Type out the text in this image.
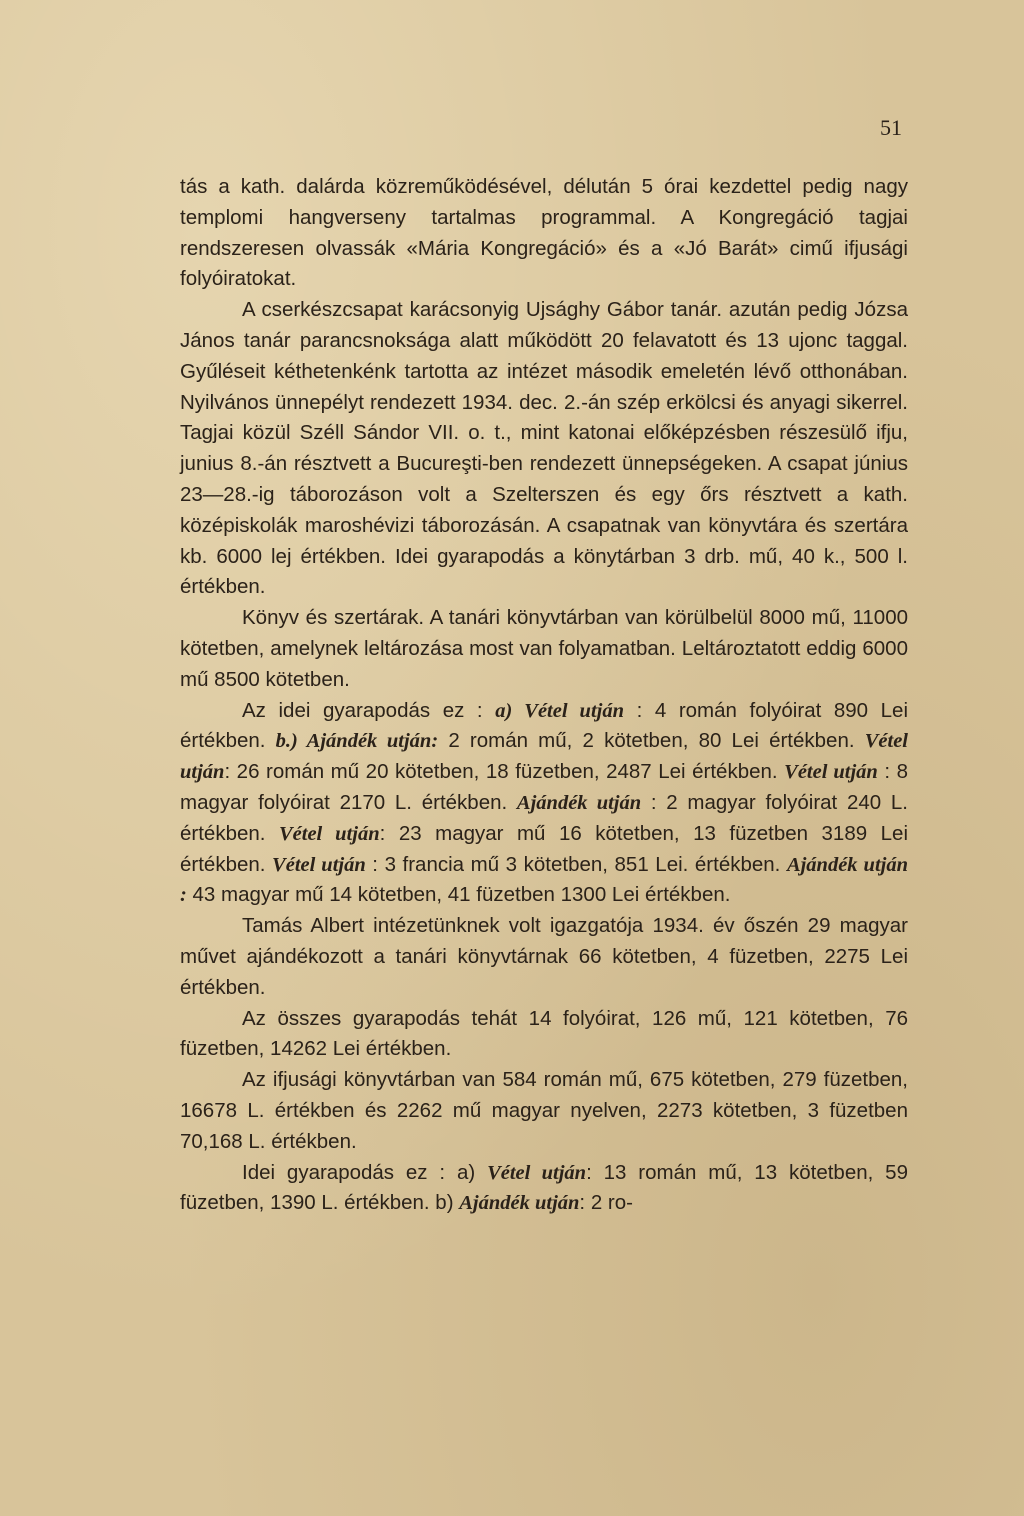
51

tás a kath. dalárda közreműködésével, délután 5 órai kezdettel pedig nagy templomi hangverseny tartalmas programmal. A Kongregáció tagjai rendszeresen olvassák «Mária Kongregáció» és a «Jó Barát» cimű ifjusági folyóiratokat.

A cserkészcsapat karácsonyig Ujsághy Gábor tanár. azután pedig Józsa János tanár parancsnoksága alatt működött 20 felavatott és 13 ujonc taggal. Gyűléseit kéthetenkénk tartotta az intézet második emeletén lévő otthonában. Nyilvános ünnepélyt rendezett 1934. dec. 2.-án szép erkölcsi és anyagi sikerrel. Tagjai közül Széll Sándor VII. o. t., mint katonai előképzésben részesülő ifju, junius 8.-án résztvett a Bucureşti-ben rendezett ünnepségeken. A csapat június 23—28.-ig táborozáson volt a Szelterszen és egy őrs résztvett a kath. középiskolák maroshévizi táborozásán. A csapatnak van könyvtára és szertára kb. 6000 lej értékben. Idei gyarapodás a könytárban 3 drb. mű, 40 k., 500 l. értékben.

Könyv és szertárak. A tanári könyvtárban van körülbelül 8000 mű, 11000 kötetben, amelynek leltározása most van folyamatban. Leltároztatott eddig 6000 mű 8500 kötetben.

Az idei gyarapodás ez : a) Vétel utján : 4 román folyóirat 890 Lei értékben. b.) Ajándék utján: 2 román mű, 2 kötetben, 80 Lei értékben. Vétel utján: 26 román mű 20 kötetben, 18 füzetben, 2487 Lei értékben. Vétel utján : 8 magyar folyóirat 2170 L. értékben. Ajándék utján : 2 magyar folyóirat 240 L. értékben. Vétel utján: 23 magyar mű 16 kötetben, 13 füzetben 3189 Lei értékben. Vétel utján : 3 francia mű 3 kötetben, 851 Lei. értékben. Ajándék utján : 43 magyar mű 14 kötetben, 41 füzetben 1300 Lei értékben.

Tamás Albert intézetünknek volt igazgatója 1934. év őszén 29 magyar művet ajándékozott a tanári könyvtárnak 66 kötetben, 4 füzetben, 2275 Lei értékben.

Az összes gyarapodás tehát 14 folyóirat, 126 mű, 121 kötetben, 76 füzetben, 14262 Lei értékben.

Az ifjusági könyvtárban van 584 román mű, 675 kötetben, 279 füzetben, 16678 L. értékben és 2262 mű magyar nyelven, 2273 kötetben, 3 füzetben 70,168 L. értékben.

Idei gyarapodás ez : a) Vétel utján: 13 román mű, 13 kötetben, 59 füzetben, 1390 L. értékben. b) Ajándék utján: 2 ro-
